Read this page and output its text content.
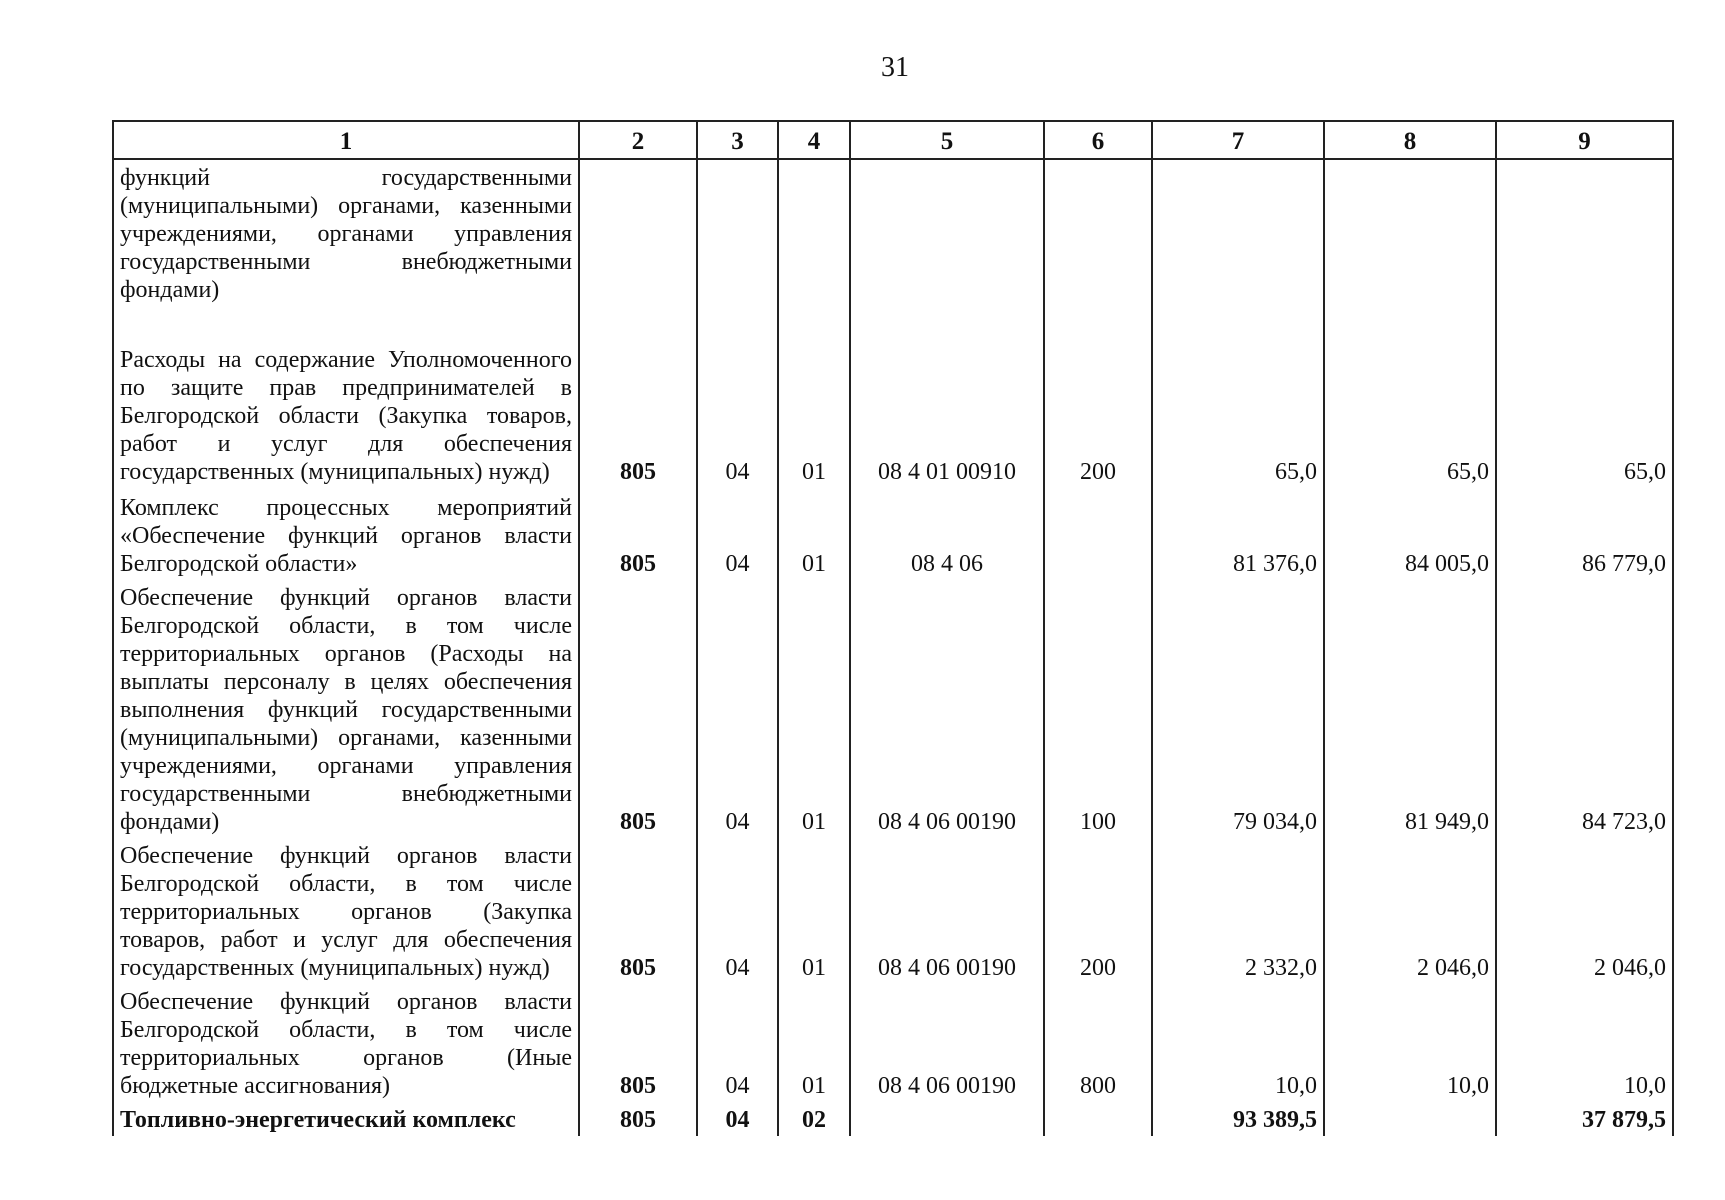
31
1	2	3	4	5	6	7	8	9
функций государственными (муниципальными) органами, казенными учреждениями, органами управления государственными внебюджетными фондами)								
Расходы на содержание Уполномоченного по защите прав предпринимателей в Белгородской области (Закупка товаров, работ и услуг для обеспечения государственных (муниципальных) нужд)	805	04	01	08 4 01 00910	200	65,0	65,0	65,0
Комплекс процессных мероприятий «Обеспечение функций органов власти Белгородской области»	805	04	01	08 4 06		81 376,0	84 005,0	86 779,0
Обеспечение функций органов власти Белгородской области, в том числе территориальных органов (Расходы на выплаты персоналу в целях обеспечения выполнения функций государственными (муниципальными) органами, казенными учреждениями, органами управления государственными внебюджетными фондами)	805	04	01	08 4 06 00190	100	79 034,0	81 949,0	84 723,0
Обеспечение функций органов власти Белгородской области, в том числе территориальных органов (Закупка товаров, работ и услуг для обеспечения государственных (муниципальных) нужд)	805	04	01	08 4 06 00190	200	2 332,0	2 046,0	2 046,0
Обеспечение функций органов власти Белгородской области, в том числе территориальных органов (Иные бюджетные ассигнования)	805	04	01	08 4 06 00190	800	10,0	10,0	10,0
Топливно-энергетический комплекс	805	04	02			93 389,5		37 879,5
